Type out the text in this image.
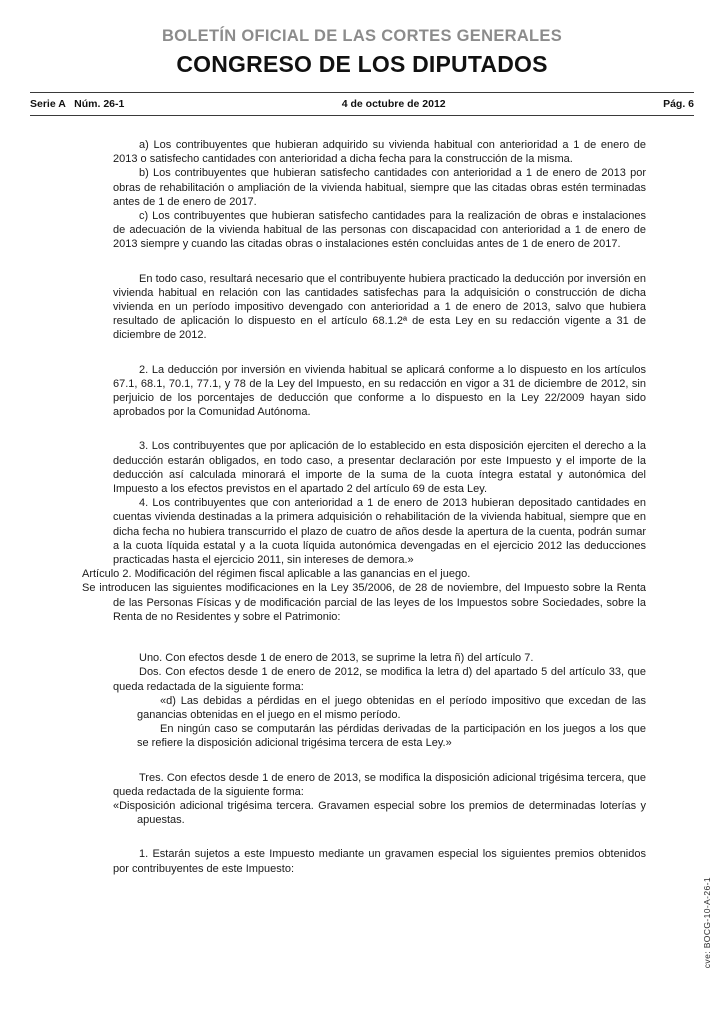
BOLETÍN OFICIAL DE LAS CORTES GENERALES
CONGRESO DE LOS DIPUTADOS
Serie A   Núm. 26-1	4 de octubre de 2012	Pág. 6

a) Los contribuyentes que hubieran adquirido su vivienda habitual con anterioridad a 1 de enero de 2013 o satisfecho cantidades con anterioridad a dicha fecha para la construcción de la misma.

b) Los contribuyentes que hubieran satisfecho cantidades con anterioridad a 1 de enero de 2013 por obras de rehabilitación o ampliación de la vivienda habitual, siempre que las citadas obras estén terminadas antes de 1 de enero de 2017.

c) Los contribuyentes que hubieran satisfecho cantidades para la realización de obras e instalaciones de adecuación de la vivienda habitual de las personas con discapacidad con anterioridad a 1 de enero de 2013 siempre y cuando las citadas obras o instalaciones estén concluidas antes de 1 de enero de 2017.

En todo caso, resultará necesario que el contribuyente hubiera practicado la deducción por inversión en vivienda habitual en relación con las cantidades satisfechas para la adquisición o construcción de dicha vivienda en un período impositivo devengado con anterioridad a 1 de enero de 2013, salvo que hubiera resultado de aplicación lo dispuesto en el artículo 68.1.2ª de esta Ley en su redacción vigente a 31 de diciembre de 2012.

2. La deducción por inversión en vivienda habitual se aplicará conforme a lo dispuesto en los artículos 67.1, 68.1, 70.1, 77.1, y 78 de la Ley del Impuesto, en su redacción en vigor a 31 de diciembre de 2012, sin perjuicio de los porcentajes de deducción que conforme a lo dispuesto en la Ley 22/2009 hayan sido aprobados por la Comunidad Autónoma.

3. Los contribuyentes que por aplicación de lo establecido en esta disposición ejerciten el derecho a la deducción estarán obligados, en todo caso, a presentar declaración por este Impuesto y el importe de la deducción así calculada minorará el importe de la suma de la cuota íntegra estatal y autonómica del Impuesto a los efectos previstos en el apartado 2 del artículo 69 de esta Ley.

4. Los contribuyentes que con anterioridad a 1 de enero de 2013 hubieran depositado cantidades en cuentas vivienda destinadas a la primera adquisición o rehabilitación de la vivienda habitual, siempre que en dicha fecha no hubiera transcurrido el plazo de cuatro de años desde la apertura de la cuenta, podrán sumar a la cuota líquida estatal y a la cuota líquida autonómica devengadas en el ejercicio 2012 las deducciones practicadas hasta el ejercicio 2011, sin intereses de demora.»

Artículo 2. Modificación del régimen fiscal aplicable a las ganancias en el juego.

Se introducen las siguientes modificaciones en la Ley 35/2006, de 28 de noviembre, del Impuesto sobre la Renta de las Personas Físicas y de modificación parcial de las leyes de los Impuestos sobre Sociedades, sobre la Renta de no Residentes y sobre el Patrimonio:

Uno. Con efectos desde 1 de enero de 2013, se suprime la letra ñ) del artículo 7.

Dos. Con efectos desde 1 de enero de 2012, se modifica la letra d) del apartado 5 del artículo 33, que queda redactada de la siguiente forma:

«d) Las debidas a pérdidas en el juego obtenidas en el período impositivo que excedan de las ganancias obtenidas en el juego en el mismo período.

En ningún caso se computarán las pérdidas derivadas de la participación en los juegos a los que se refiere la disposición adicional trigésima tercera de esta Ley.»

Tres. Con efectos desde 1 de enero de 2013, se modifica la disposición adicional trigésima tercera, que queda redactada de la siguiente forma:

«Disposición adicional trigésima tercera. Gravamen especial sobre los premios de determinadas loterías y apuestas.

1. Estarán sujetos a este Impuesto mediante un gravamen especial los siguientes premios obtenidos por contribuyentes de este Impuesto:

cve: BOCG-10-A-26-1
